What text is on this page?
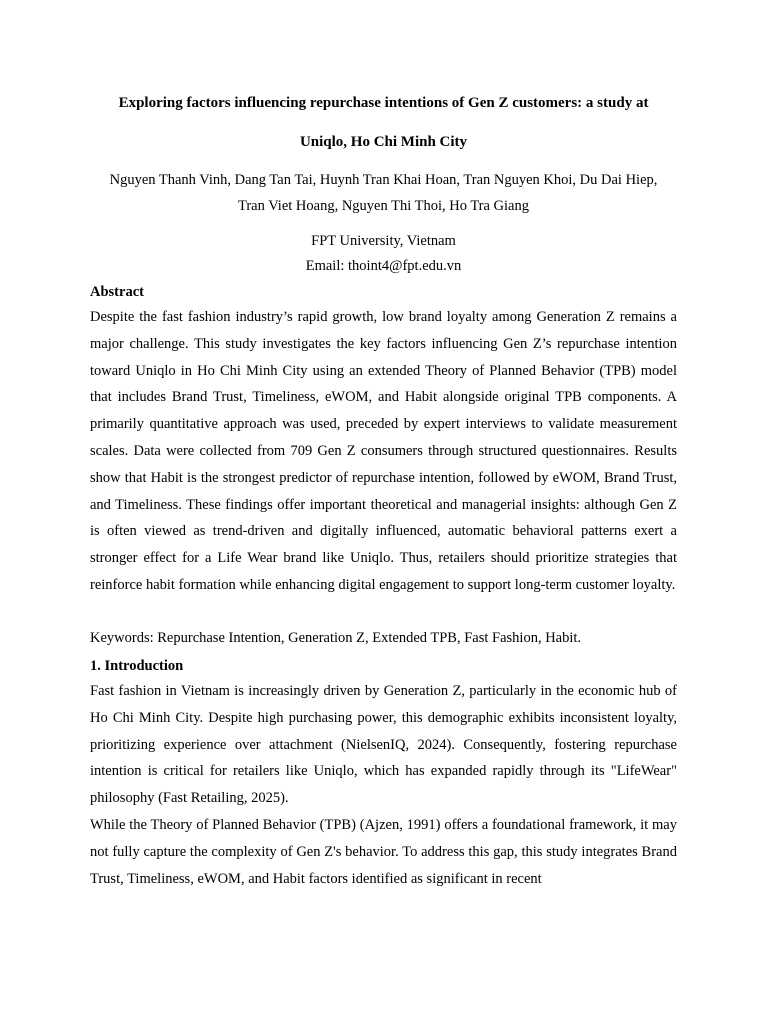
Exploring factors influencing repurchase intentions of Gen Z customers: a study at
Uniqlo, Ho Chi Minh City
Nguyen Thanh Vinh, Dang Tan Tai, Huynh Tran Khai Hoan, Tran Nguyen Khoi, Du Dai Hiep,
Tran Viet Hoang, Nguyen Thi Thoi, Ho Tra Giang
FPT University, Vietnam
Email: thoint4@fpt.edu.vn
Abstract

Despite the fast fashion industry’s rapid growth, low brand loyalty among Generation Z remains a major challenge. This study investigates the key factors influencing Gen Z’s repurchase intention toward Uniqlo in Ho Chi Minh City using an extended Theory of Planned Behavior (TPB) model that includes Brand Trust, Timeliness, eWOM, and Habit alongside original TPB components. A primarily quantitative approach was used, preceded by expert interviews to validate measurement scales. Data were collected from 709 Gen Z consumers through structured questionnaires. Results show that Habit is the strongest predictor of repurchase intention, followed by eWOM, Brand Trust, and Timeliness. These findings offer important theoretical and managerial insights: although Gen Z is often viewed as trend-driven and digitally influenced, automatic behavioral patterns exert a stronger effect for a Life Wear brand like Uniqlo. Thus, retailers should prioritize strategies that reinforce habit formation while enhancing digital engagement to support long-term customer loyalty.

Keywords: Repurchase Intention, Generation Z, Extended TPB, Fast Fashion, Habit.

1. Introduction

Fast fashion in Vietnam is increasingly driven by Generation Z, particularly in the economic hub of Ho Chi Minh City. Despite high purchasing power, this demographic exhibits inconsistent loyalty, prioritizing experience over attachment (NielsenIQ, 2024). Consequently, fostering repurchase intention is critical for retailers like Uniqlo, which has expanded rapidly through its "LifeWear" philosophy (Fast Retailing, 2025).

While the Theory of Planned Behavior (TPB) (Ajzen, 1991) offers a foundational framework, it may not fully capture the complexity of Gen Z's behavior. To address this gap, this study integrates Brand Trust, Timeliness, eWOM, and Habit factors identified as significant in recent
